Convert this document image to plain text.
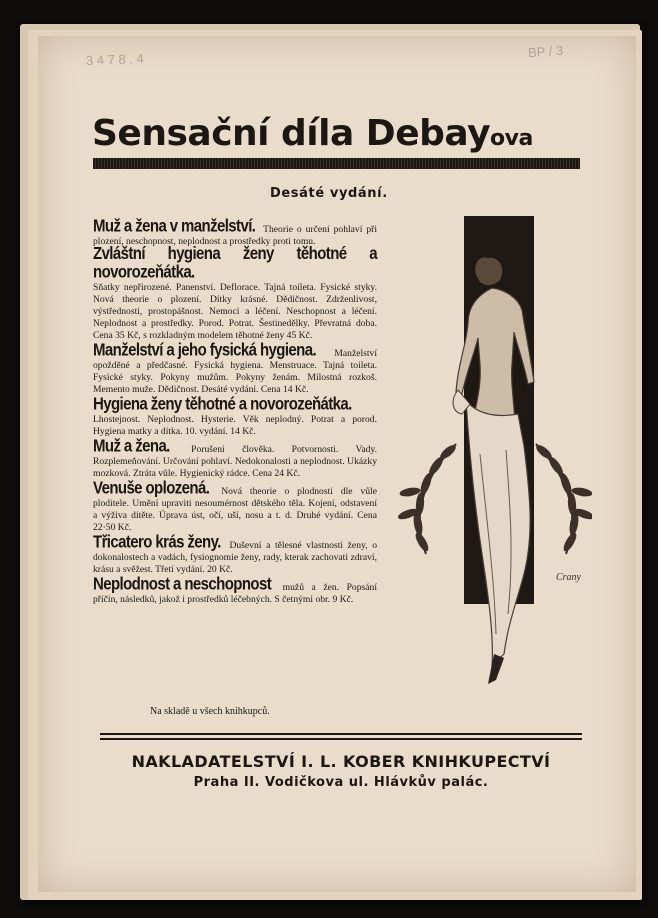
3 4 7 8 . 4	BP / 3
Sensační díla Debayova
Desáté vydání.
Muž a žena v manželství. Theorie o určení pohlaví při plození, neschopnost, neplodnost a prostředky proti tomu.
Zvláštní hygiena ženy těhotné a novorozeňátka.
Sňatky nepřirozené. Panenství. Deflorace. Tajná toileta. Fysické styky. Nová theorie o plození. Dítky krásné. Dědičnost. Zdrženlivost, výstřednosti, prostopášnost. Nemoci a léčení. Neschopnost a léčení. Neplodnost a prostředky. Porod. Potrat. Šestinedělky. Převratná doba. Cena 35 Kč, s rozkladným modelem těhotné ženy 45 Kč.
Manželství a jeho fysická hygiena. Manželství opožděné a předčasné. Fysická hygiena. Menstruace. Tajná toileta. Fysické styky. Pokyny mužům. Pokyny ženám. Milostná rozkoš. Memento muže. Dědičnost. Desáté vydání. Cena 14 Kč.
Hygiena ženy těhotné a novorozeňátka. Lhostejnost. Neplodnost. Hysterie. Věk neplodný. Potrat a porod. Hygiena matky a dítka. 10. vydání. 14 Kč.
Muž a žena. Porušení člověka. Potvornosti. Vady. Rozplemeňování. Určování pohlaví. Nedokonalosti a neplodnost. Ukázky mozková. Ztráta vůle. Hygienický rádce. Cena 24 Kč.
Venuše oplozená. Nová theorie o plodnosti dle vůle ploditele. Umění upraviti nesoumérnost dětského těla. Kojení, odstavení a výživa dítěte. Úprava úst, očí, uší, nosu a t. d. Druhé vydání. Cena 22·50 Kč.
Třicatero krás ženy. Duševní a tělesné vlastnosti ženy, o dokonalostech a vadách, fysiognomie ženy, rady, kterak zachovati zdraví, krásu a svěžest. Třetí vydání. 20 Kč.
Neplodnost a neschopnost mužů a žen. Popsání příčin, následků, jakož i prostředků léčebných. S četnými obr. 9 Kč.
Crany
Na skladě u všech knihkupců.
NAKLADATELSTVÍ I. L. KOBER KNIHKUPECTVÍ
Praha II. Vodičkova ul. Hlávkův palác.
